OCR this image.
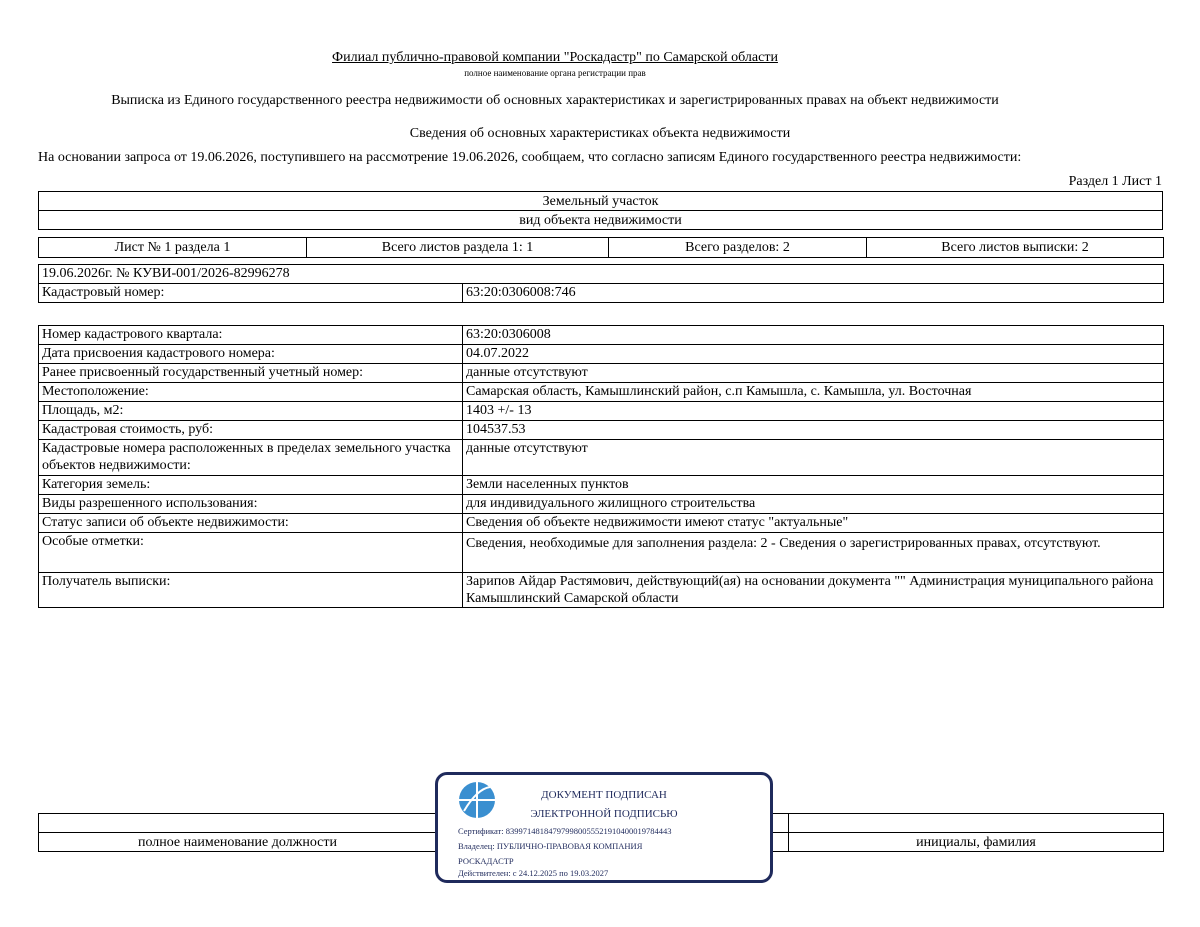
Филиал публично-правовой компании "Роскадастр" по Самарской области
полное наименование органа регистрации прав
Выписка из Единого государственного реестра недвижимости об основных характеристиках и зарегистрированных правах на объект недвижимости
Сведения об основных характеристиках объекта недвижимости
На основании запроса от 19.06.2026, поступившего на рассмотрение 19.06.2026, сообщаем, что согласно записям Единого государственного реестра недвижимости:
Раздел 1 Лист 1
Земельный участок
вид объекта недвижимости
Лист № 1 раздела 1	Всего листов раздела 1: 1	Всего разделов: 2	Всего листов выписки: 2
19.06.2026г. № КУВИ-001/2026-82996278
Кадастровый номер:	63:20:0306008:746
Номер кадастрового квартала:	63:20:0306008
Дата присвоения кадастрового номера:	04.07.2022
Ранее присвоенный государственный учетный номер:	данные отсутствуют
Местоположение:	Самарская область, Камышлинский район, с.п Камышла, с. Камышла, ул. Восточная
Площадь, м2:	1403 +/- 13
Кадастровая стоимость, руб:	104537.53
Кадастровые номера расположенных в пределах земельного участка объектов недвижимости:	данные отсутствуют
Категория земель:	Земли населенных пунктов
Виды разрешенного использования:	для индивидуального жилищного строительства
Статус записи об объекте недвижимости:	Сведения об объекте недвижимости имеют статус "актуальные"
Особые отметки:	Сведения, необходимые для заполнения раздела: 2 - Сведения о зарегистрированных правах, отсутствуют.
Получатель выписки:	Зарипов Айдар Растямович, действующий(ая) на основании документа "" Администрация муниципального района Камышлинский Самарской области

полное наименование должности		инициалы, фамилия
ДОКУМЕНТ ПОДПИСАН
ЭЛЕКТРОННОЙ ПОДПИСЬЮ
Сертификат: 839971481847979980055521910400019784443
Владелец: ПУБЛИЧНО-ПРАВОВАЯ КОМПАНИЯ
РОСКАДАСТР
Действителен: с 24.12.2025 по 19.03.2027
